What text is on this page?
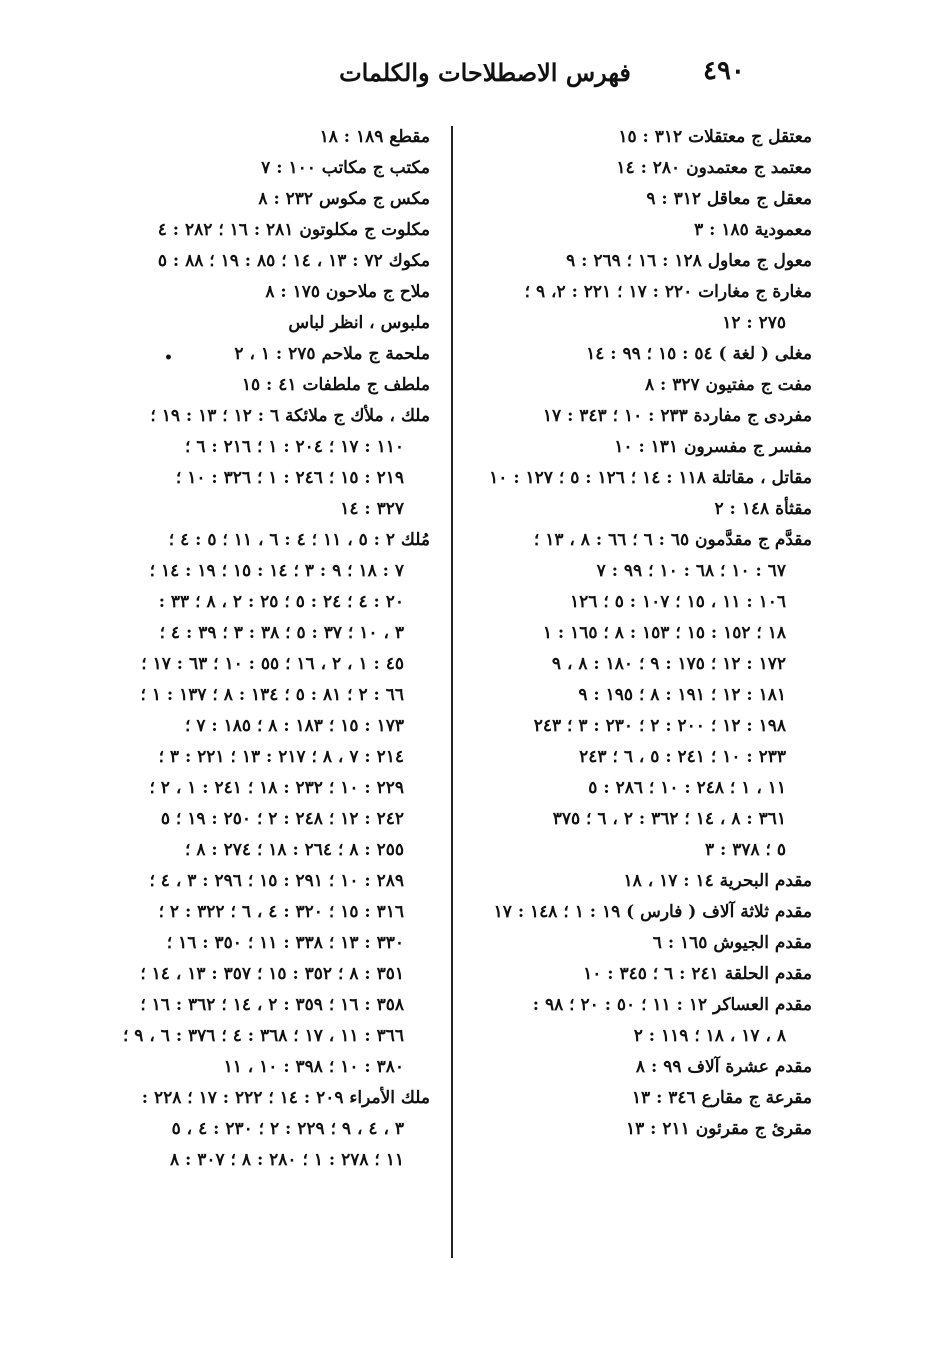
٤٩٠
فهرس الاصطلاحات والكلمات
معتقل ج معتقلات ٣١٢ : ١٥
معتمد ج معتمدون ٢٨٠ : ١٤
معقل ج معاقل ٣١٢ : ٩
معمودية ١٨٥ : ٣
معول ج معاول ١٢٨ : ١٦ ؛ ٢٦٩ : ٩
مغارة ج مغارات ٢٢٠ : ١٧ ؛ ٢٢١ : ٢، ٩ ؛
٢٧٥ : ١٢
مغلى ( لغة ) ٥٤ : ١٥ ؛ ٩٩ : ١٤
مفت ج مفتيون ٣٢٧ : ٨
مفردى ج مفاردة ٢٣٣ : ١٠ ؛ ٣٤٣ : ١٧
مفسر ج مفسرون ١٣١ : ١٠
مقاتل ، مقاتلة ١١٨ : ١٤ ؛ ١٢٦ : ٥ ؛ ١٢٧ : ١٠
مقثأة ١٤٨ : ٢
مقدَّم ج مقدَّمون ٦٥ : ٦ ؛ ٦٦ : ٨ ، ١٣ ؛
٦٧ : ١٠ ؛ ٦٨ : ١٠ ؛ ٩٩ : ٧
١٠٦ : ١١ ، ١٥ ؛ ١٠٧ : ٥ ؛ ١٢٦
١٨ ؛ ١٥٢ : ١٥ ؛ ١٥٣ : ٨ ؛ ١٦٥ : ١
١٧٢ : ١٢ ؛ ١٧٥ : ٩ ؛ ١٨٠ : ٨ ، ٩
١٨١ : ١٢ ؛ ١٩١ : ٨ ؛ ١٩٥ : ٩
١٩٨ : ١٢ ؛ ٢٠٠ : ٢ ؛ ٢٣٠ : ٣ ؛ ٢٤٣
٢٣٣ : ١٠ ؛ ٢٤١ : ٥ ، ٦ ؛ ٢٤٣
١١ ، ١ ؛ ٢٤٨ : ١٠ ؛ ٢٨٦ : ٥
٣٦١ : ٨ ، ١٤ ؛ ٣٦٢ : ٢ ، ٦ ؛ ٣٧٥
٥ ؛ ٣٧٨ : ٣
مقدم البحرية ١٤ : ١٧ ، ١٨
مقدم ثلاثة آلاف ( فارس ) ١٩ : ١ ؛ ١٤٨ : ١٧
مقدم الجيوش ١٦٥ : ٦
مقدم الحلقة ٢٤١ : ٦ ؛ ٣٤٥ : ١٠
مقدم العساكر ١٢ : ١١ ؛ ٥٠ : ٢٠ ؛ ٩٨ :
٨ ، ١٧ ، ١٨ ؛ ١١٩ : ٢
مقدم عشرة آلاف ٩٩ : ٨
مقرعة ج مقارع ٣٤٦ : ١٣
مقرئ ج مقرئون ٢١١ : ١٣
مقطع ١٨٩ : ١٨
مكتب ج مكاتب ١٠٠ : ٧
مكس ج مكوس ٢٣٢ : ٨
مكلوت ج مكلوتون ٢٨١ : ١٦ ؛ ٢٨٢ : ٤
مكوك ٧٢ : ١٣ ، ١٤ ؛ ٨٥ : ١٩ ؛ ٨٨ : ٥
ملاح ج ملاحون ١٧٥ : ٨
ملبوس ، انظر لباس
ملحمة ج ملاحم ٢٧٥ : ١ ، ٢
ملطف ج ملطفات ٤١ : ١٥
ملك ، ملأك ج ملائكة ٦ : ١٢ ؛ ١٣ : ١٩ ؛
١١٠ : ١٧ ؛ ٢٠٤ : ١ ؛ ٢١٦ : ٦ ؛
٢١٩ : ١٥ ؛ ٢٤٦ : ١ ؛ ٣٢٦ : ١٠ ؛
٣٢٧ : ١٤
مُلك ٢ : ٥ ، ١١ ؛ ٤ : ٦ ، ١١ ؛ ٥ : ٤ ؛
٧ : ١٨ ؛ ٩ : ٣ ؛ ١٤ : ١٥ ؛ ١٩ : ١٤ ؛
٢٠ : ٤ ؛ ٢٤ : ٥ ؛ ٢٥ : ٢ ، ٨ ؛ ٣٣ :
٣ ، ١٠ ؛ ٣٧ : ٥ ؛ ٣٨ : ٣ ؛ ٣٩ : ٤ ؛
٤٥ : ١ ، ٢ ، ١٦ ؛ ٥٥ : ١٠ ؛ ٦٣ : ١٧ ؛
٦٦ : ٢ ؛ ٨١ : ٥ ؛ ١٣٤ : ٨ ؛ ١٣٧ : ١ ؛
١٧٣ : ١٥ ؛ ١٨٣ : ٨ ؛ ١٨٥ : ٧ ؛
٢١٤ : ٧ ، ٨ ؛ ٢١٧ : ١٣ ؛ ٢٢١ : ٣ ؛
٢٢٩ : ١٠ ؛ ٢٣٢ : ١٨ ؛ ٢٤١ : ١ ، ٢ ؛
٢٤٢ : ١٢ ؛ ٢٤٨ : ٢ ؛ ٢٥٠ : ١٩ ؛ ٥
٢٥٥ : ٨ ؛ ٢٦٤ : ١٨ ؛ ٢٧٤ : ٨ ؛
٢٨٩ : ١٠ ؛ ٢٩١ : ١٥ ؛ ٢٩٦ : ٣ ، ٤ ؛
٣١٦ : ١٥ ؛ ٣٢٠ : ٤ ، ٦ ؛ ٣٢٢ : ٢ ؛
٣٣٠ : ١٣ ؛ ٣٣٨ : ١١ ؛ ٣٥٠ : ١٦ ؛
٣٥١ : ٨ ؛ ٣٥٢ : ١٥ ؛ ٣٥٧ : ١٣ ، ١٤ ؛
٣٥٨ : ١٦ ؛ ٣٥٩ : ٢ ، ١٤ ؛ ٣٦٢ : ١٦ ؛
٣٦٦ : ١١ ، ١٧ ؛ ٣٦٨ : ٤ ؛ ٣٧٦ : ٦ ، ٩ ؛
٣٨٠ : ١٠ ؛ ٣٩٨ : ١٠ ، ١١
ملك الأمراء ٢٠٩ : ١٤ ؛ ٢٢٢ : ١٧ ؛ ٢٢٨ :
٣ ، ٤ ، ٩ ؛ ٢٢٩ : ٢ ؛ ٢٣٠ : ٤ ، ٥
١١ ؛ ٢٧٨ : ١ ؛ ٢٨٠ : ٨ ؛ ٣٠٧ : ٨
•
